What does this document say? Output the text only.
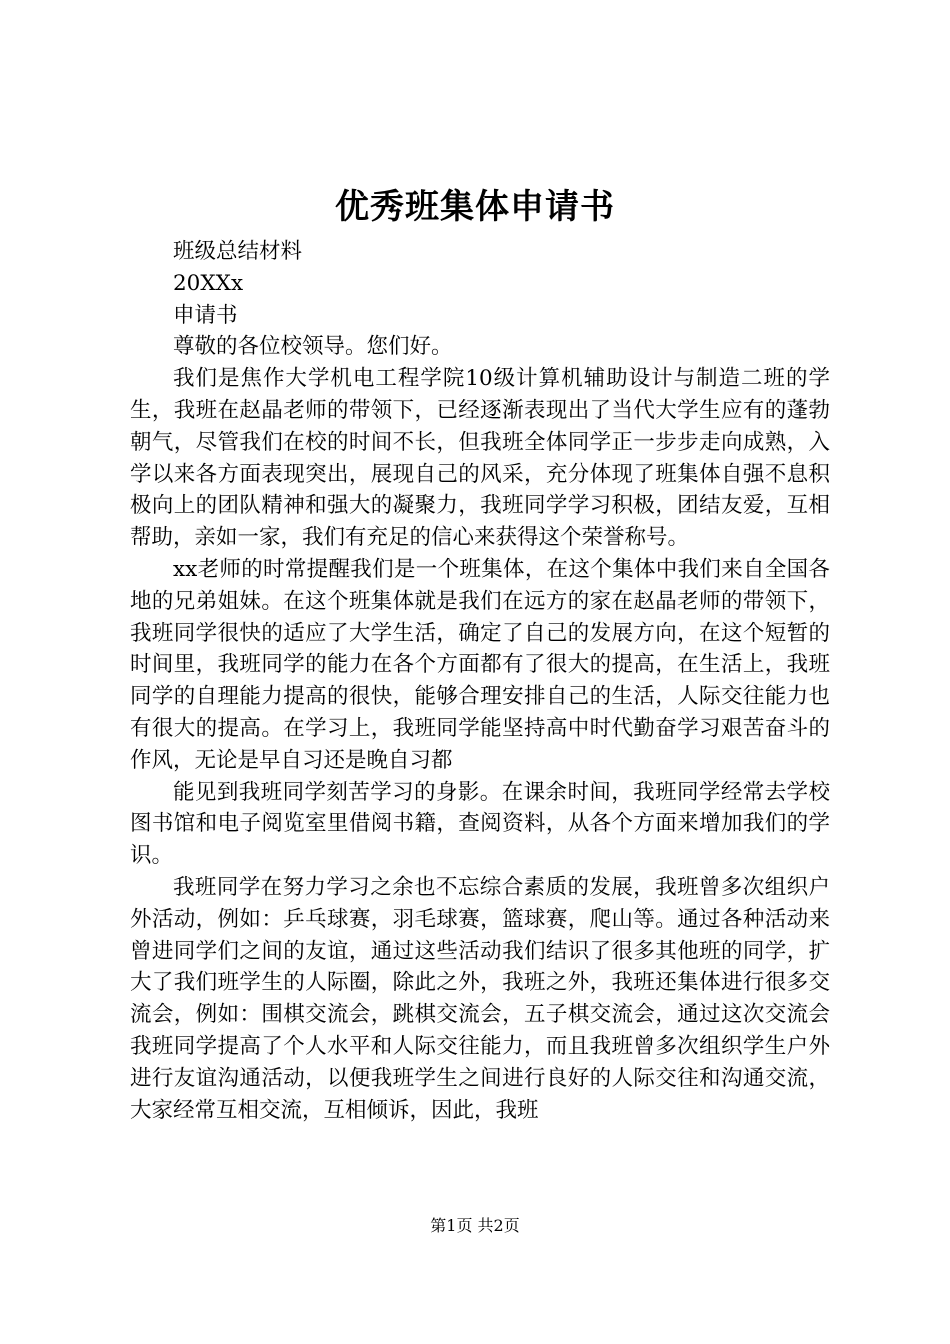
优秀班集体申请书

班级总结材料

20XXx

申请书

尊敬的各位校领导。您们好。

我们是焦作大学机电工程学院10级计算机辅助设计与制造二班的学生，我班在赵晶老师的带领下，已经逐渐表现出了当代大学生应有的蓬勃朝气，尽管我们在校的时间不长，但我班全体同学正一步步走向成熟，入学以来各方面表现突出，展现自己的风采，充分体现了班集体自强不息积极向上的团队精神和强大的凝聚力，我班同学学习积极，团结友爱，互相帮助，亲如一家，我们有充足的信心来获得这个荣誉称号。

xx老师的时常提醒我们是一个班集体，在这个集体中我们来自全国各地的兄弟姐妹。在这个班集体就是我们在远方的家在赵晶老师的带领下，我班同学很快的适应了大学生活，确定了自己的发展方向，在这个短暂的时间里，我班同学的能力在各个方面都有了很大的提高，在生活上，我班同学的自理能力提高的很快，能够合理安排自己的生活，人际交往能力也有很大的提高。在学习上，我班同学能坚持高中时代勤奋学习艰苦奋斗的作风，无论是早自习还是晚自习都

能见到我班同学刻苦学习的身影。在课余时间，我班同学经常去学校图书馆和电子阅览室里借阅书籍，查阅资料，从各个方面来增加我们的学识。

我班同学在努力学习之余也不忘综合素质的发展，我班曾多次组织户外活动，例如：乒乓球赛，羽毛球赛，篮球赛，爬山等。通过各种活动来曾进同学们之间的友谊，通过这些活动我们结识了很多其他班的同学，扩大了我们班学生的人际圈，除此之外，我班之外，我班还集体进行很多交流会，例如：围棋交流会，跳棋交流会，五子棋交流会，通过这次交流会我班同学提高了个人水平和人际交往能力，而且我班曾多次组织学生户外进行友谊沟通活动，以便我班学生之间进行良好的人际交往和沟通交流，大家经常互相交流，互相倾诉，因此，我班

第1页 共2页
